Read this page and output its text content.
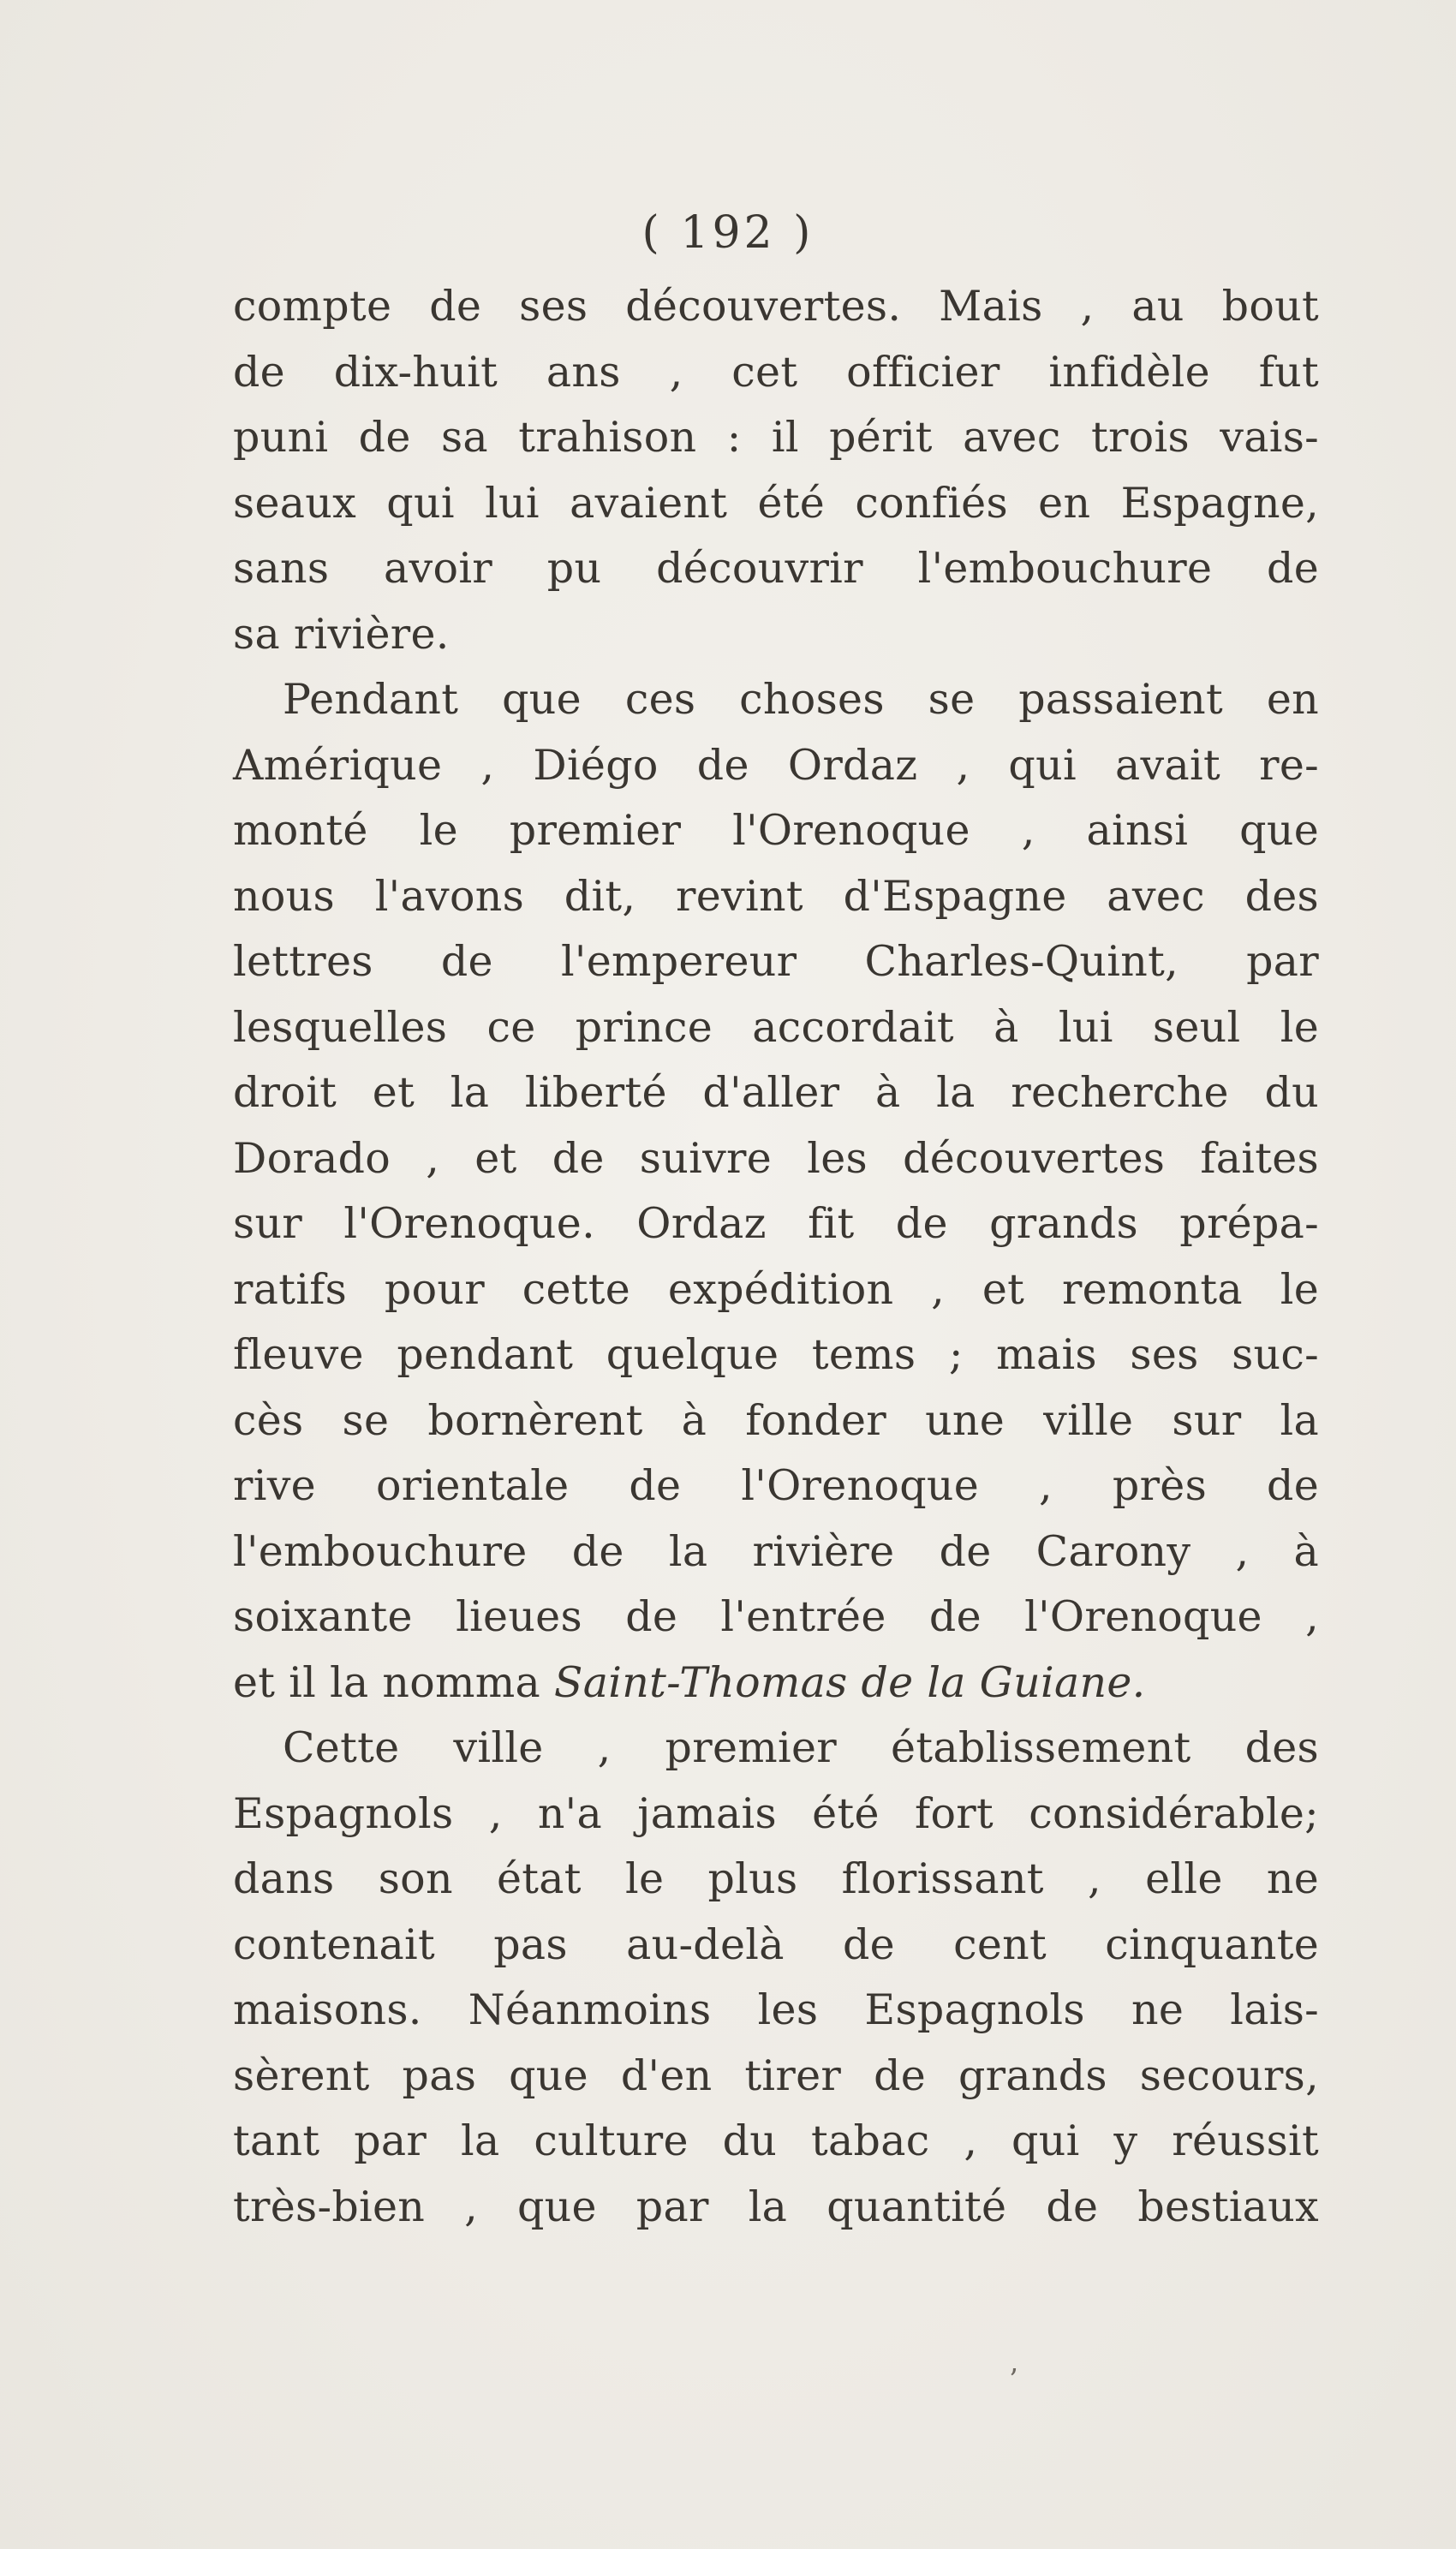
( 192 )
compte de ses découvertes. Mais , au bout
de dix-huit ans , cet officier infidèle fut
puni de sa trahison : il périt avec trois vais-
seaux qui lui avaient été confiés en Espagne,
sans avoir pu découvrir l'embouchure de
sa rivière.
Pendant que ces choses se passaient en
Amérique , Diégo de Ordaz , qui avait re-
monté le premier l'Orenoque , ainsi que
nous l'avons dit, revint d'Espagne avec des
lettres de l'empereur Charles-Quint, par
lesquelles ce prince accordait à lui seul le
droit et la liberté d'aller à la recherche du
Dorado , et de suivre les découvertes faites
sur l'Orenoque. Ordaz fit de grands prépa-
ratifs pour cette expédition , et remonta le
fleuve pendant quelque tems ; mais ses suc-
cès se bornèrent à fonder une ville sur la
rive orientale de l'Orenoque , près de
l'embouchure de la rivière de Carony , à
soixante lieues de l'entrée de l'Orenoque ,
et il la nomma Saint-Thomas de la Guiane.
Cette ville , premier établissement des
Espagnols , n'a jamais été fort considérable;
dans son état le plus florissant , elle ne
contenait pas au-delà de cent cinquante
maisons. Néanmoins les Espagnols ne lais-
sèrent pas que d'en tirer de grands secours,
tant par la culture du tabac , qui y réussit
très-bien , que par la quantité de bestiaux
ʼ
